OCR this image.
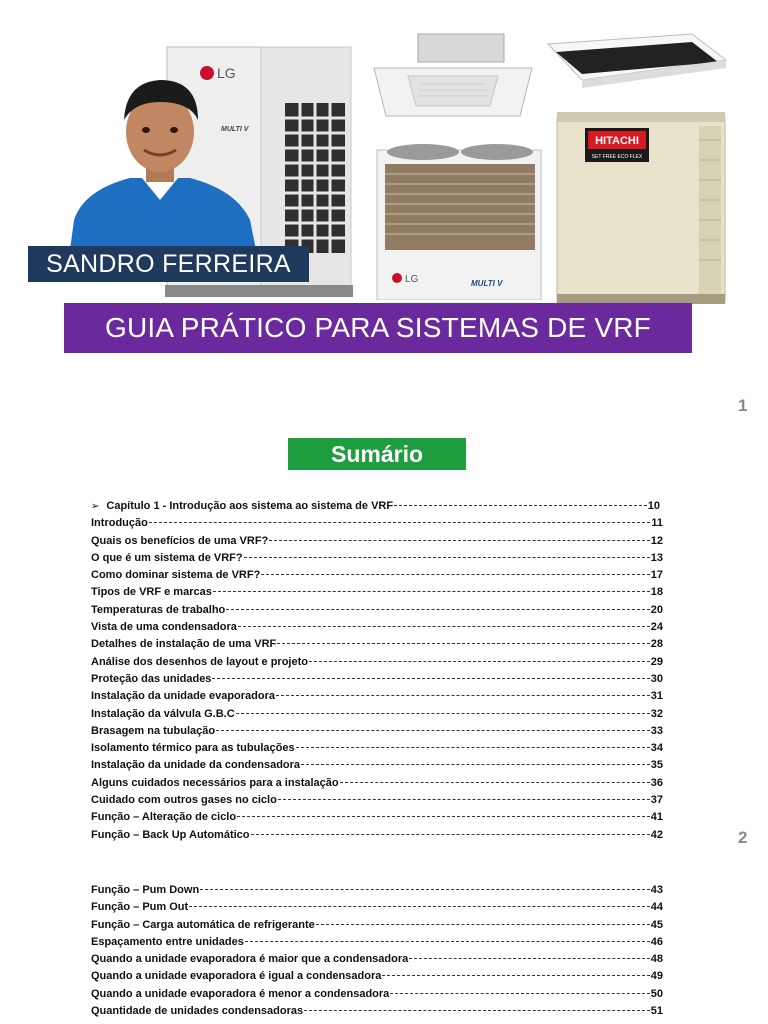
LG
MULTI V
LG	MULTI V
HITACHI
SET FREE ECO FLEX
SANDRO FERREIRA
GUIA PRÁTICO PARA SISTEMAS DE VRF
1
2
Sumário
➢ Capítulo 1 - Introdução aos sistema ao sistema de VRF	10
Introdução	11
Quais os benefícios de uma VRF?	12
O que é um sistema de VRF?	13
Como dominar sistema de VRF?	17
Tipos de VRF e marcas	18
Temperaturas de trabalho	20
Vista de uma condensadora	24
Detalhes de instalação de uma VRF	28
Análise dos desenhos de layout e projeto	29
Proteção das unidades	30
Instalação da unidade evaporadora	31
Instalação da válvula G.B.C	32
Brasagem na tubulação	33
Isolamento térmico para as tubulações	34
Instalação da unidade da condensadora	35
Alguns cuidados necessários para a instalação	36
Cuidado com outros gases no ciclo	37
Função – Alteração de ciclo	41
Função – Back Up Automático	42
Função – Pum Down	43
Função – Pum Out	44
Função – Carga automática de refrigerante	45
Espaçamento entre unidades	46
Quando a unidade evaporadora é maior que a condensadora	48
Quando a unidade evaporadora é igual a condensadora	49
Quando a unidade evaporadora é menor a condensadora	50
Quantidade de unidades condensadoras	51
